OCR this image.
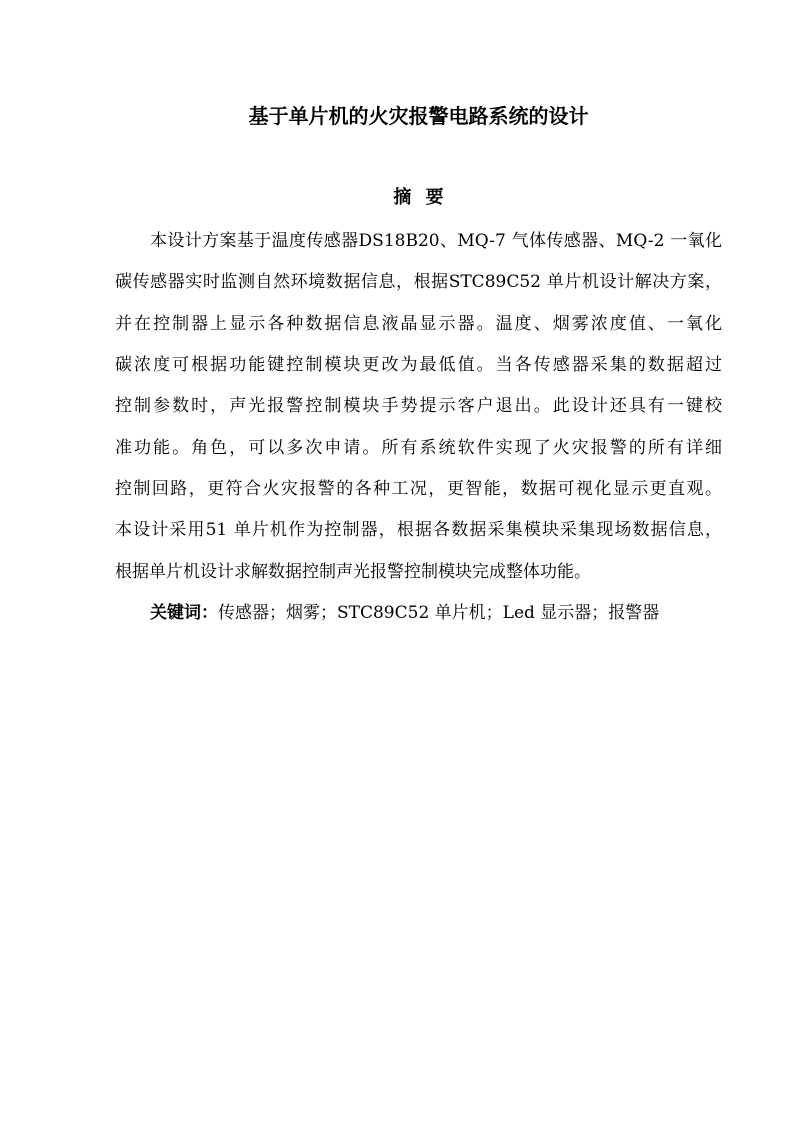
基于单片机的火灾报警电路系统的设计
摘 要
本设计方案基于温度传感器DS18B20、MQ-7 气体传感器、MQ-2 一氧化
碳传感器实时监测自然环境数据信息，根据STC89C52 单片机设计解决方案，
并在控制器上显示各种数据信息液晶显示器。温度、烟雾浓度值、一氧化
碳浓度可根据功能键控制模块更改为最低值。当各传感器采集的数据超过
控制参数时，声光报警控制模块手势提示客户退出。此设计还具有一键校
准功能。角色，可以多次申请。所有系统软件实现了火灾报警的所有详细
控制回路，更符合火灾报警的各种工况，更智能，数据可视化显示更直观。
本设计采用51 单片机作为控制器，根据各数据采集模块采集现场数据信息，
根据单片机设计求解数据控制声光报警控制模块完成整体功能。
关键词：传感器；烟雾；STC89C52 单片机；Led 显示器；报警器
